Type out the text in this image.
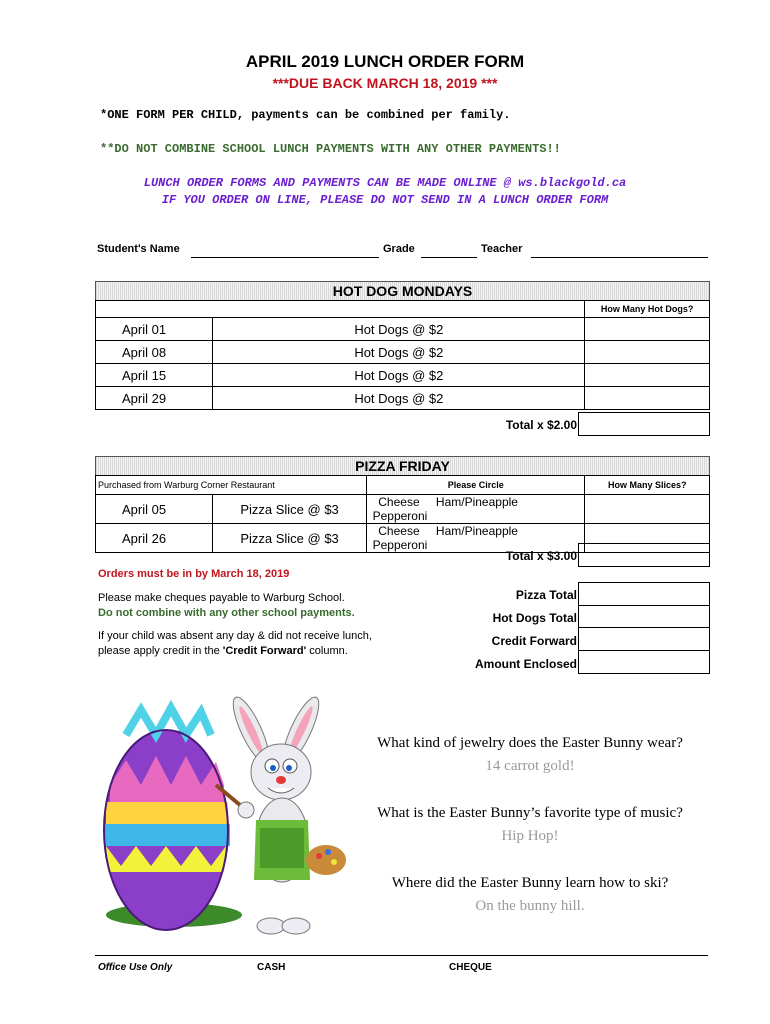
APRIL 2019 LUNCH ORDER FORM
***DUE BACK MARCH 18, 2019 ***
*ONE FORM PER CHILD, payments can be combined per family.
**DO NOT COMBINE SCHOOL LUNCH PAYMENTS WITH ANY OTHER PAYMENTS!!
LUNCH ORDER FORMS AND PAYMENTS CAN BE MADE ONLINE @ ws.blackgold.ca
IF YOU ORDER ON LINE, PLEASE DO NOT SEND IN A LUNCH ORDER FORM
Student's Name	Grade	Teacher
HOT DOG MONDAYS
		How Many Hot Dogs?
April 01	Hot Dogs @ $2	
April 08	Hot Dogs @ $2	
April 15	Hot Dogs @ $2	
April 29	Hot Dogs @ $2	
Total x $2.00
PIZZA FRIDAY
Purchased from Warburg Corner Restaurant		Please Circle	How Many Slices?
April 05	Pizza Slice @ $3	Cheese Ham/PineapplePepperoni	
April 26	Pizza Slice @ $3	Cheese Ham/PineapplePepperoni	
Total x $3.00
Orders must be in by March 18, 2019
Please make cheques payable to Warburg School.
Do not combine with any other school payments.
If your child was absent any day & did not receive lunch,
please apply credit in the 'Credit Forward' column.
Pizza Total
Hot Dogs Total
Credit Forward
Amount Enclosed
What kind of jewelry does the Easter Bunny wear?
14 carrot gold!
What is the Easter Bunny’s favorite type of music?
Hip Hop!
Where did the Easter Bunny learn how to ski?
On the bunny hill.
Office Use Only	CASH	CHEQUE
